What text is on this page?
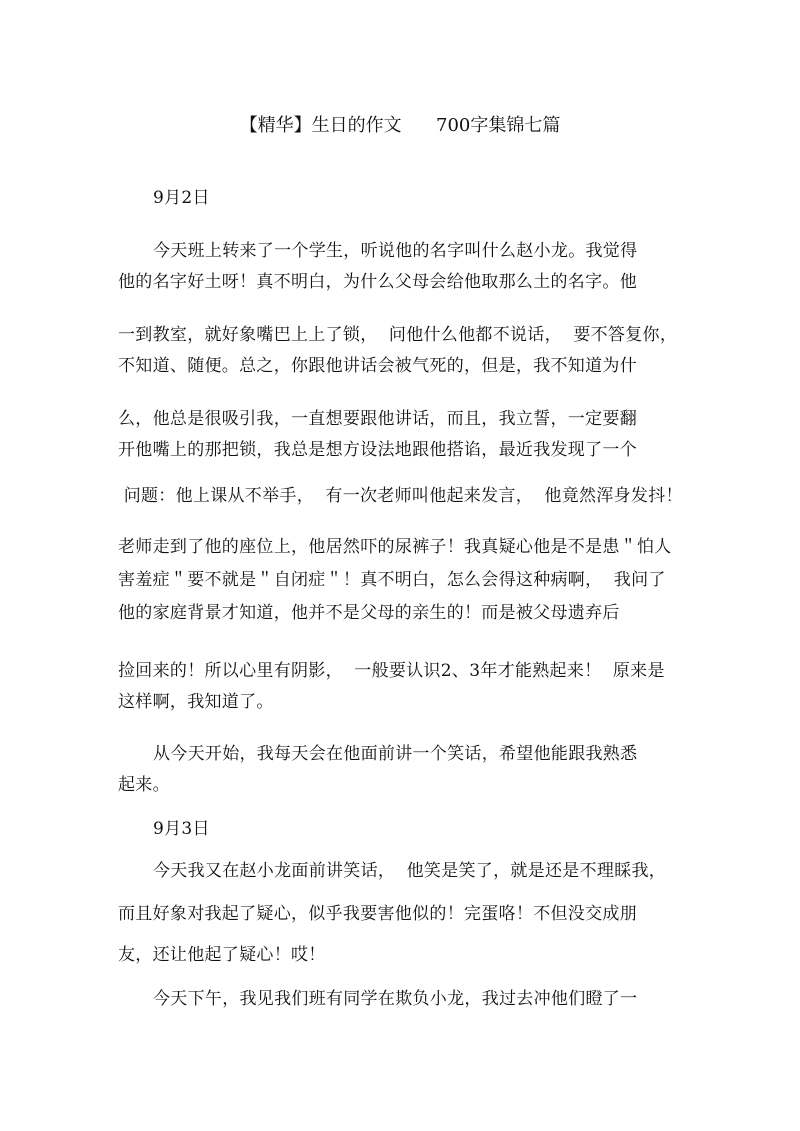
【精华】生日的作文      700字集锦七篇
9月2日
今天班上转来了一个学生，听说他的名字叫什么赵小龙。我觉得
他的名字好土呀！真不明白，为什么父母会给他取那么土的名字。他
一到教室，就好象嘴巴上上了锁，  问他什么他都不说话，  要不答复你，
不知道、随便。总之，你跟他讲话会被气死的，但是，我不知道为什
么，他总是很吸引我，一直想要跟他讲话，而且，我立誓，一定要翻
开他嘴上的那把锁，我总是想方设法地跟他搭谄，最近我发现了一个
问题：他上课从不举手，  有一次老师叫他起来发言，  他竟然浑身发抖！
老师走到了他的座位上，他居然吓的尿裤子！我真疑心他是不是患＂怕人
害羞症＂要不就是＂自闭症＂！真不明白，怎么会得这种病啊，  我问了
他的家庭背景才知道，他并不是父母的亲生的！而是被父母遗弃后
捡回来的！所以心里有阴影，  一般要认识2、3年才能熟起来！  原来是
这样啊，我知道了。
从今天开始，我每天会在他面前讲一个笑话，希望他能跟我熟悉
起来。
9月3日
今天我又在赵小龙面前讲笑话，  他笑是笑了，就是还是不理睬我，
而且好象对我起了疑心，似乎我要害他似的！完蛋咯！不但没交成朋
友，还让他起了疑心！哎！
今天下午，我见我们班有同学在欺负小龙，我过去冲他们瞪了一
